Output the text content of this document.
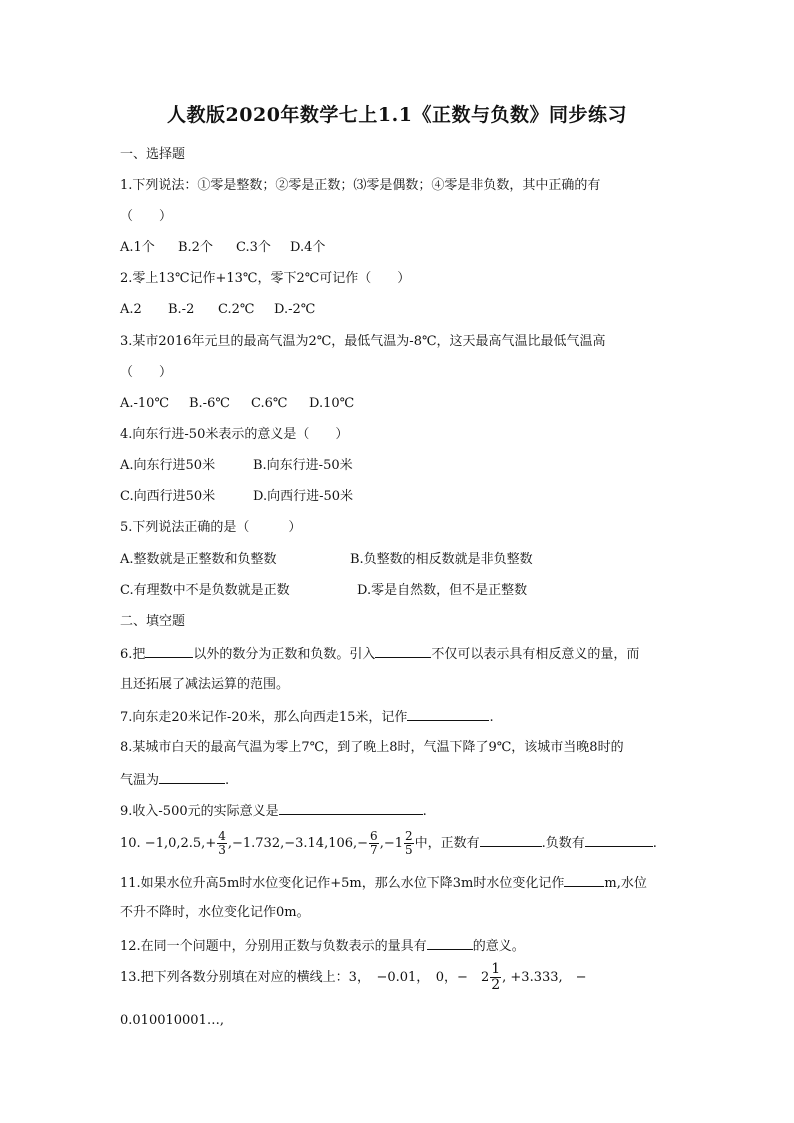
人教版2020年数学七上1.1《正数与负数》同步练习
一、选择题
1.下列说法：①零是整数；②零是正数；⑶零是偶数；④零是非负数，其中正确的有
（　　）
A.1个 B.2个 C.3个 D.4个
2.零上13℃记作+13℃，零下2℃可记作（　　）
A.2 B.-2 C.2℃ D.-2℃
3.某市2016年元旦的最高气温为2℃，最低气温为-8℃，这天最高气温比最低气温高
（　　）
A.-10℃ B.-6℃ C.6℃ D.10℃
4.向东行进-50米表示的意义是（　　）
A.向东行进50米	B.向东行进-50米
C.向西行进50米	D.向西行进-50米
5.下列说法正确的是（　　　）
A.整数就是正整数和负整数	B.负整数的相反数就是非负整数
C.有理数中不是负数就是正数	D.零是自然数，但不是正整数
二、填空题
6.把	以外的数分为正数和负数。引入	不仅可以表示具有相反意义的量，而
且还拓展了减法运算的范围。
7.向东走20米记作-20米，那么向西走15米，记作	.
8.某城市白天的最高气温为零上7℃，到了晚上8时，气温下降了9℃，该城市当晚8时的
气温为	.
9.收入-500元的实际意义是	.
10. $-1,0,2.5,+ \frac{4}{3} ,-1.732,-3.14,106,- \frac{6}{7} ,-1 \frac{2}{5}$ 中，正数有	.负数有	.
11.如果水位升高5m时水位变化记作+5m，那么水位下降3m时水位变化记作	m,水位
不升不降时，水位变化记作0m。
12.在同一个问题中，分别用正数与负数表示的量具有	的意义。
13.把下列各数分别填在对应的横线上：3，　−0.01，　0，−　$2 \frac{1}{2}$ , +3.333,　−
0.010010001…,
